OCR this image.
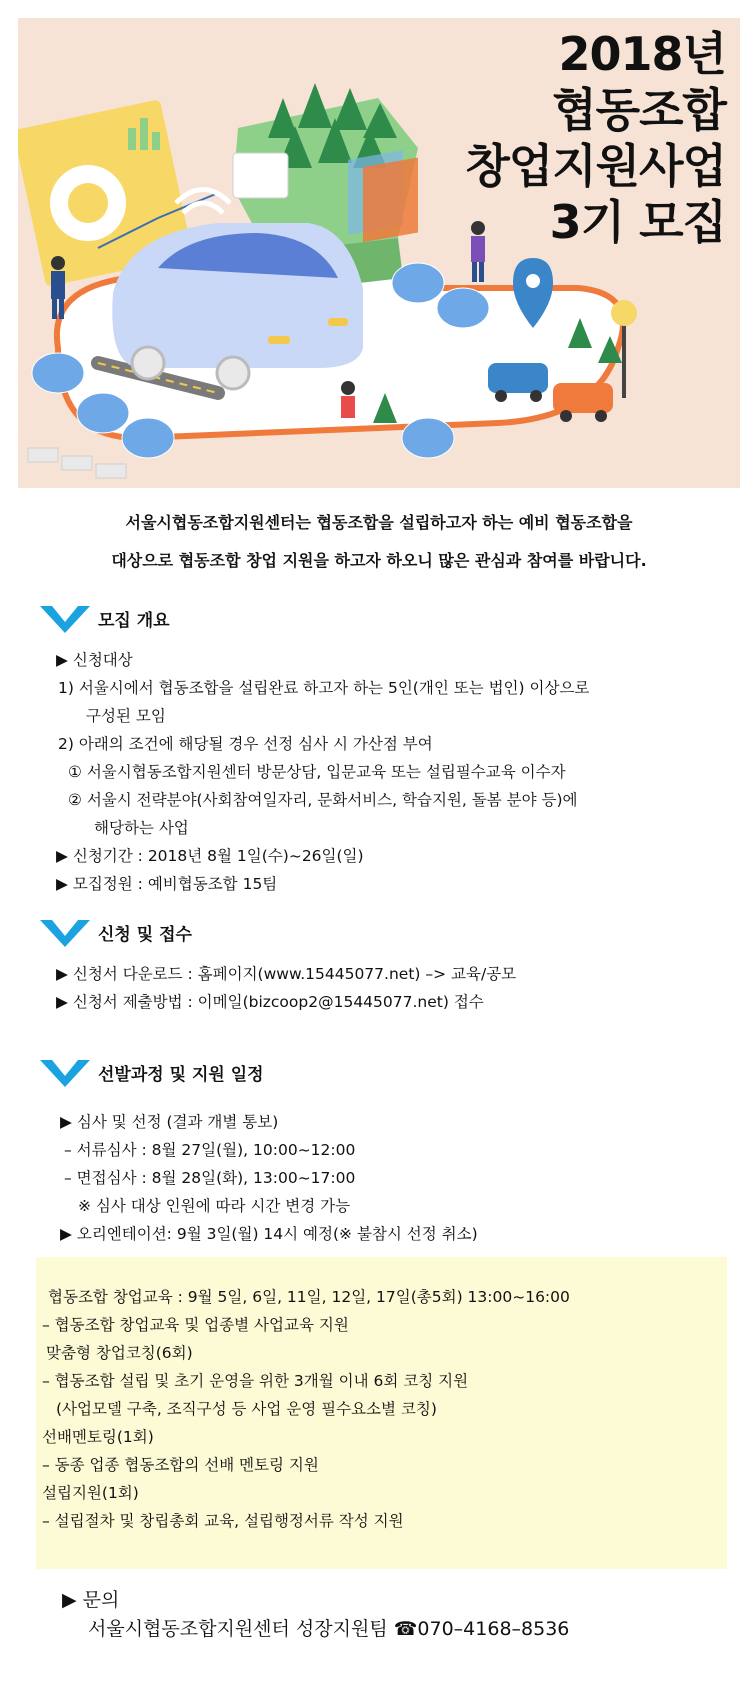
2018년
협동조합
창업지원사업
3기 모집
서울시협동조합지원센터는 협동조합을 설립하고자 하는 예비 협동조합을
대상으로 협동조합 창업 지원을 하고자 하오니 많은 관심과 참여를 바랍니다.
모집 개요
▶ 신청대상
1) 서울시에서 협동조합을 설립완료 하고자 하는 5인(개인 또는 법인) 이상으로
구성된 모임
2) 아래의 조건에 해당될 경우 선정 심사 시 가산점 부여
① 서울시협동조합지원센터 방문상담, 입문교육 또는 설립필수교육 이수자
② 서울시 전략분야(사회참여일자리, 문화서비스, 학습지원, 돌봄 분야 등)에
해당하는 사업
▶ 신청기간 : 2018년 8월 1일(수)~26일(일)
▶ 모집정원 : 예비협동조합 15팀
신청 및 접수
▶ 신청서 다운로드 : 홈페이지(www.15445077.net) –> 교육/공모
▶ 신청서 제출방법 : 이메일(bizcoop2@15445077.net) 접수
선발과정 및 지원 일정
▶ 심사 및 선정 (결과 개별 통보)
– 서류심사 : 8월 27일(월), 10:00~12:00
– 면접심사 : 8월 28일(화), 13:00~17:00
※ 심사 대상 인원에 따라 시간 변경 가능
▶ 오리엔테이션: 9월 3일(월) 14시 예정(※ 불참시 선정 취소)
협동조합 창업교육 : 9월 5일, 6일, 11일, 12일, 17일(총5회) 13:00~16:00
– 협동조합 창업교육 및 업종별 사업교육 지원
맞춤형 창업코칭(6회)
– 협동조합 설립 및 초기 운영을 위한 3개월 이내 6회 코칭 지원
(사업모델 구축, 조직구성 등 사업 운영 필수요소별 코칭)
선배멘토링(1회)
– 동종 업종 협동조합의 선배 멘토링 지원
설립지원(1회)
– 설립절차 및 창립총회 교육, 설립행정서류 작성 지원
▶ 문의
서울시협동조합지원센터 성장지원팀 ☎070–4168–8536
